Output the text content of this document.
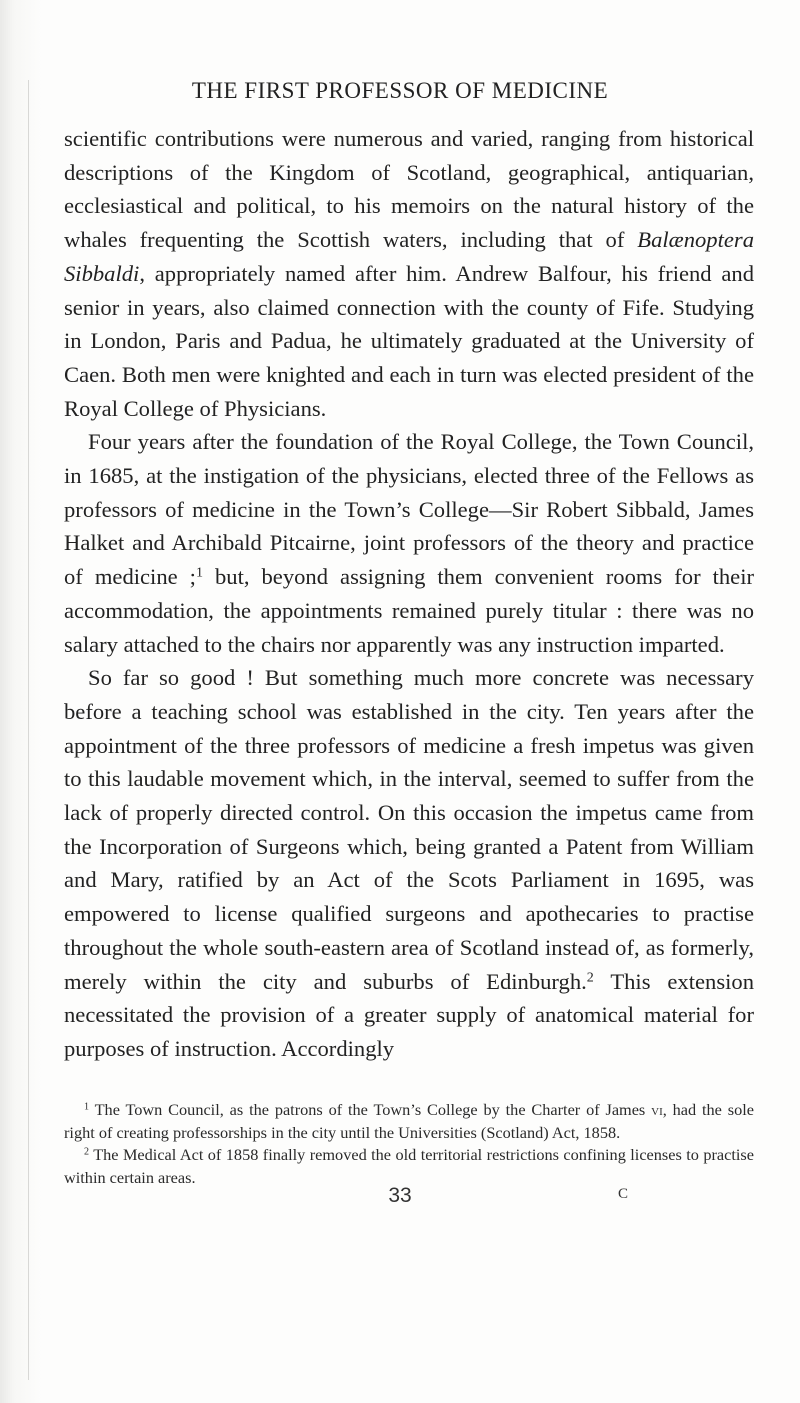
THE FIRST PROFESSOR OF MEDICINE

scientific contributions were numerous and varied, ranging from historical descriptions of the Kingdom of Scotland, geographical, antiquarian, ecclesiastical and political, to his memoirs on the natural history of the whales frequenting the Scottish waters, including that of Balænoptera Sibbaldi, appropriately named after him. Andrew Balfour, his friend and senior in years, also claimed connection with the county of Fife. Studying in London, Paris and Padua, he ultimately graduated at the University of Caen. Both men were knighted and each in turn was elected president of the Royal College of Physicians.

Four years after the foundation of the Royal College, the Town Council, in 1685, at the instigation of the physicians, elected three of the Fellows as professors of medicine in the Town’s College—Sir Robert Sibbald, James Halket and Archibald Pitcairne, joint professors of the theory and practice of medicine ;$^1$ but, beyond assigning them convenient rooms for their accommodation, the appointments remained purely titular : there was no salary attached to the chairs nor apparently was any instruction imparted.

So far so good ! But something much more concrete was necessary before a teaching school was established in the city. Ten years after the appointment of the three professors of medicine a fresh impetus was given to this laudable movement which, in the interval, seemed to suffer from the lack of properly directed control. On this occasion the impetus came from the Incorporation of Surgeons which, being granted a Patent from William and Mary, ratified by an Act of the Scots Parliament in 1695, was empowered to license qualified surgeons and apothecaries to practise throughout the whole south-eastern area of Scotland instead of, as formerly, merely within the city and suburbs of Edinburgh.$^2$ This extension necessitated the provision of a greater supply of anatomical material for purposes of instruction. Accordingly

$^1$ The Town Council, as the patrons of the Town’s College by the Charter of James vi, had the sole right of creating professorships in the city until the Universities (Scotland) Act, 1858.

$^2$ The Medical Act of 1858 finally removed the old territorial restrictions confining licenses to practise within certain areas.

33	C
